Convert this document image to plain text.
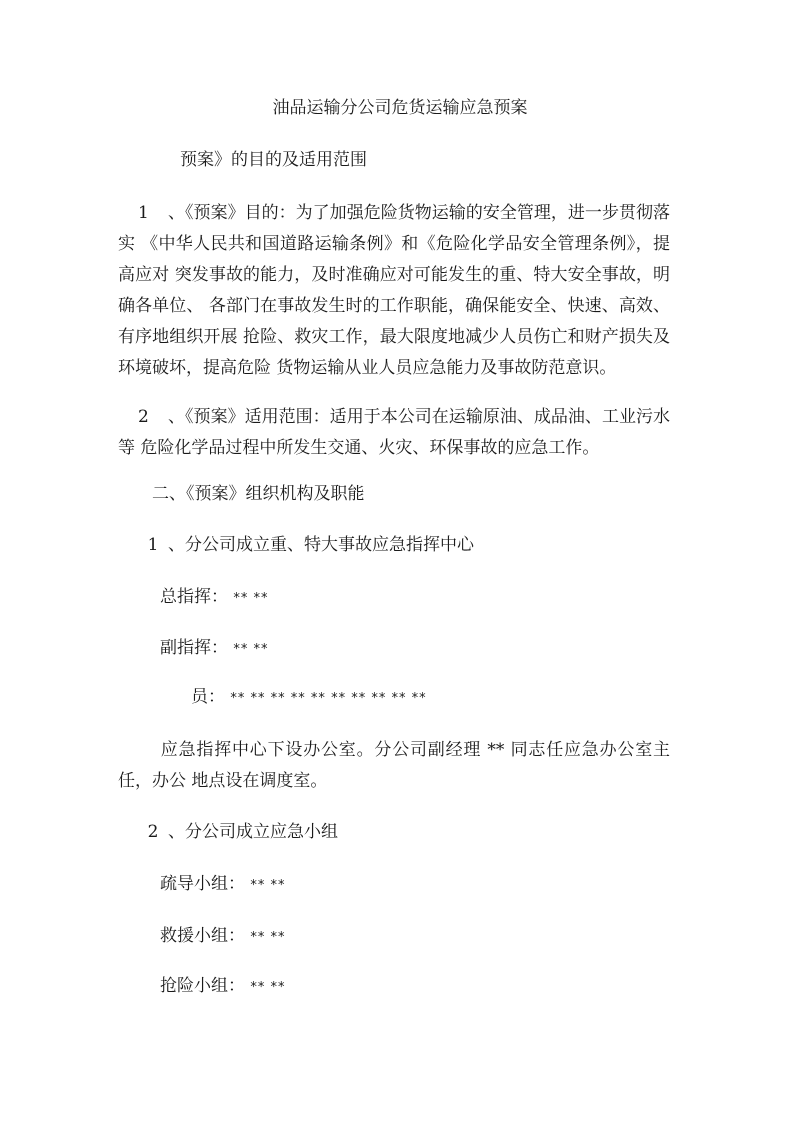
油品运输分公司危货运输应急预案
预案》的目的及适用范围
1 、《预案》目的：为了加强危险货物运输的安全管理，进一步贯彻落实 《中华人民共和国道路运输条例》和《危险化学品安全管理条例》，提高应对 突发事故的能力，及时准确应对可能发生的重、特大安全事故，明确各单位、 各部门在事故发生时的工作职能，确保能安全、快速、高效、有序地组织开展 抢险、救灾工作，最大限度地减少人员伤亡和财产损失及环境破坏，提高危险 货物运输从业人员应急能力及事故防范意识。
2 、《预案》适用范围：适用于本公司在运输原油、成品油、工业污水等 危险化学品过程中所发生交通、火灾、环保事故的应急工作。
二、《预案》组织机构及职能
1 、分公司成立重、特大事故应急指挥中心
总指挥： ** **
副指挥： ** **
员： ** ** ** ** ** ** ** ** ** **
应急指挥中心下设办公室。分公司副经理 ** 同志任应急办公室主任，办公 地点设在调度室。
2 、分公司成立应急小组
疏导小组： ** **
救援小组： ** **
抢险小组： ** **
